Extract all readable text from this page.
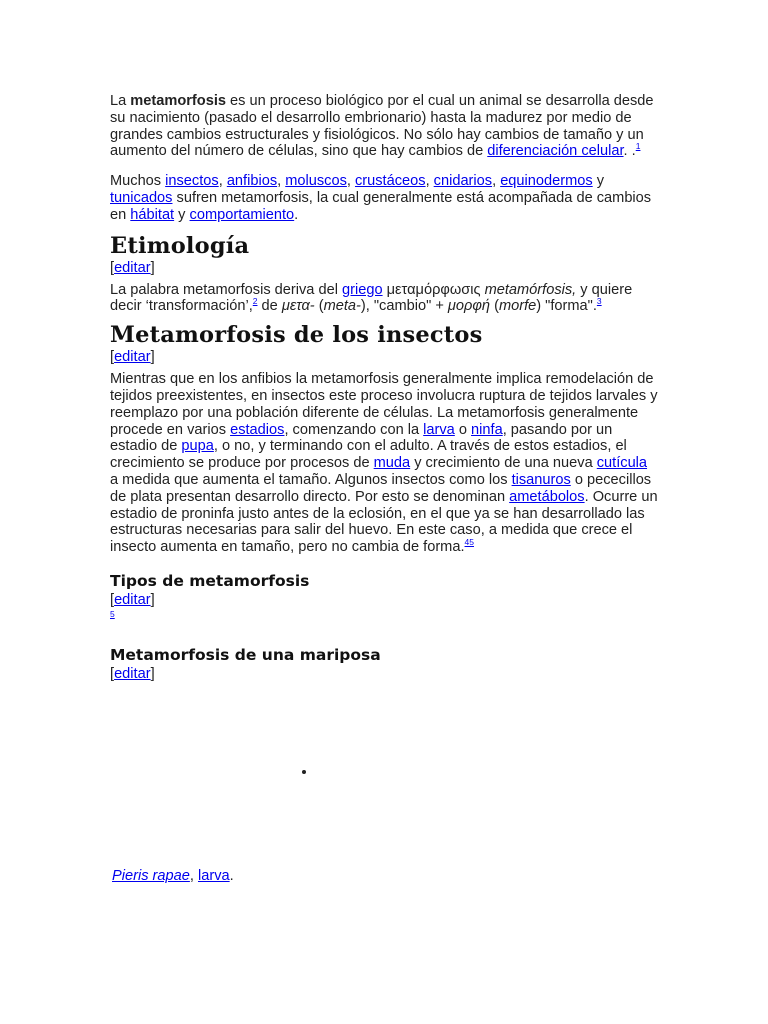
La metamorfosis es un proceso biológico por el cual un animal se desarrolla desde su nacimiento (pasado el desarrollo embrionario) hasta la madurez por medio de grandes cambios estructurales y fisiológicos. No sólo hay cambios de tamaño y un aumento del número de células, sino que hay cambios de diferenciación celular. .$^1$

Muchos insectos, anfibios, moluscos, crustáceos, cnidarios, equinodermos y tunicados sufren metamorfosis, la cual generalmente está acompañada de cambios en hábitat y comportamiento.

Etimología
[editar]

La palabra metamorfosis deriva del griego μεταμόρφωσις metamórfosis, y quiere decir ‘transformación’,$^2$ de μετα- (meta-), "cambio" + μορφή (morfe) "forma".$^3$

Metamorfosis de los insectos
[editar]

Mientras que en los anfibios la metamorfosis generalmente implica remodelación de tejidos preexistentes, en insectos este proceso involucra ruptura de tejidos larvales y reemplazo por una población diferente de células. La metamorfosis generalmente procede en varios estadios, comenzando con la larva o ninfa, pasando por un estadio de pupa, o no, y terminando con el adulto. A través de estos estadios, el crecimiento se produce por procesos de muda y crecimiento de una nueva cutícula a medida que aumenta el tamaño. Algunos insectos como los tisanuros o pececillos de plata presentan desarrollo directo. Por esto se denominan ametábolos. Ocurre un estadio de proninfa justo antes de la eclosión, en el que ya se han desarrollado las estructuras necesarias para salir del huevo. En este caso, a medida que crece el insecto aumenta en tamaño, pero no cambia de forma.$^{45}$

Tipos de metamorfosis
[editar]
5
Metamorfosis de una mariposa
[editar]
Pieris rapae, larva.
